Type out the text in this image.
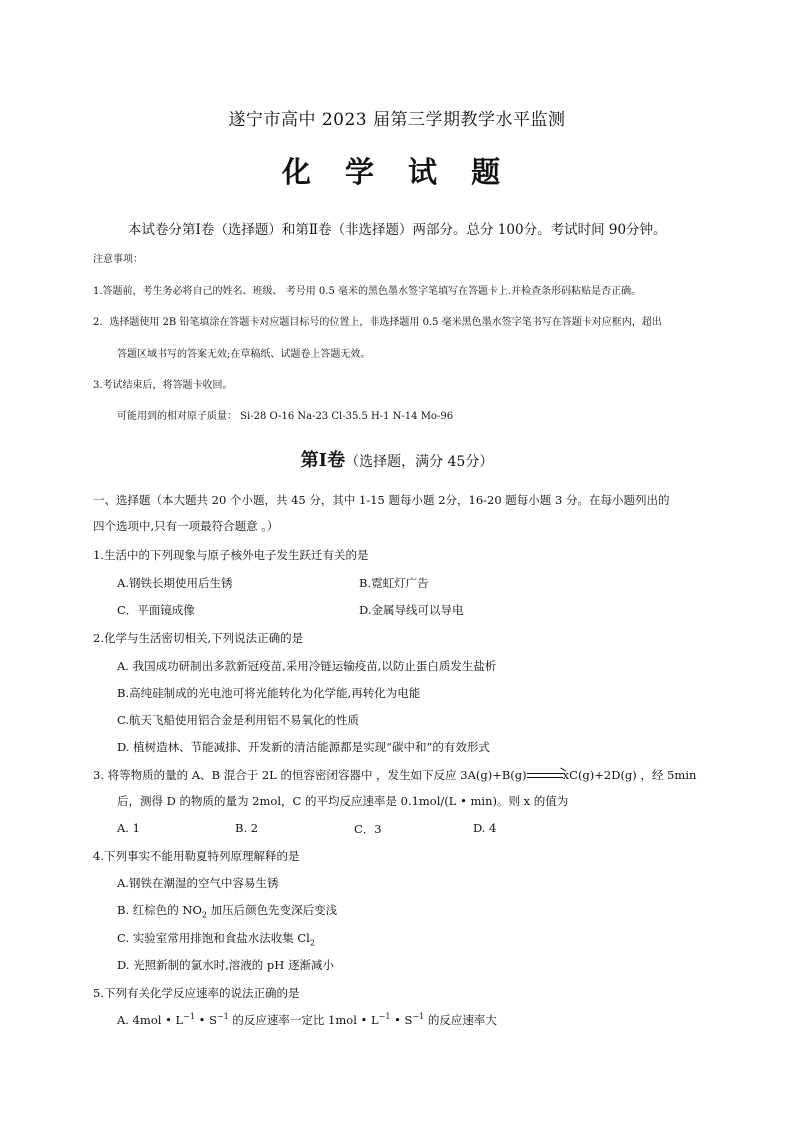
遂宁市高中 2023 届第三学期教学水平监测
化 学 试 题
本试卷分第Ⅰ卷（选择题）和第Ⅱ卷（非选择题）两部分。总分 100分。考试时间 90分钟。
注意事项：
1.答题前，考生务必将自己的姓名、班级、 考号用 0.5 毫米的黑色墨水签字笔填写在答题卡上.并检查条形码粘贴是否正确。
2．选择题使用 2B 铅笔填涂在答题卡对应题目标号的位置上，非选择题用 0.5 毫米黑色墨水签字笔书写在答题卡对应框内，超出
答题区域书写的答案无效;在草稿纸、试题卷上答题无效。
3.考试结束后，将答题卡收回。
可能用到的相对原子质量： Si-28 O-16 Na-23 Cl-35.5 H-1 N-14 Mo-96
第Ⅰ卷（选择题，满分 45分）
一、选择题（本大题共 20 个小题，共 45 分，其中 1-15 题每小题 2分，16-20 题每小题 3 分。在每小题列出的
四个选项中,只有一项最符合题意 。）
1.生活中的下列现象与原子核外电子发生跃迁有关的是
A.钢铁长期使用后生锈	B.霓虹灯广告
C．平面镜成像	D.金属导线可以导电
2.化学与生活密切相关,下列说法正确的是
A. 我国成功研制出多款新冠疫苗,采用冷链运输疫苗,以防止蛋白质发生盐析
B.高纯硅制成的光电池可将光能转化为化学能,再转化为电能
C.航天飞船使用铝合金是利用铝不易氧化的性质
D. 植树造林、节能减排、开发新的清洁能源都是实现“碳中和”的有效形式
3. 将等物质的量的 A、B 混合于 2L 的恒容密闭容器中 ，发生如下反应 3A(g)+B(g)→xC(g)+2D(g) ，经 5min
后，测得 D 的物质的量为 2mol，C 的平均反应速率是 0.1mol/(L • min)。则 x 的值为
A. 1	B. 2	C．3	D. 4
4.下列事实不能用勒夏特列原理解释的是
A.钢铁在潮湿的空气中容易生锈
B. 红棕色的 $NO_2$ 加压后颜色先变深后变浅
C. 实验室常用排饱和食盐水法收集 $Cl_2$
D. 光照新制的氯水时,溶液的 pH 逐渐减小
5.下列有关化学反应速率的说法正确的是
A. 4mol • $L^{-1}$ • $S^{-1}$ 的反应速率一定比 1mol • $L^{-1}$ • $S^{-1}$ 的反应速率大
